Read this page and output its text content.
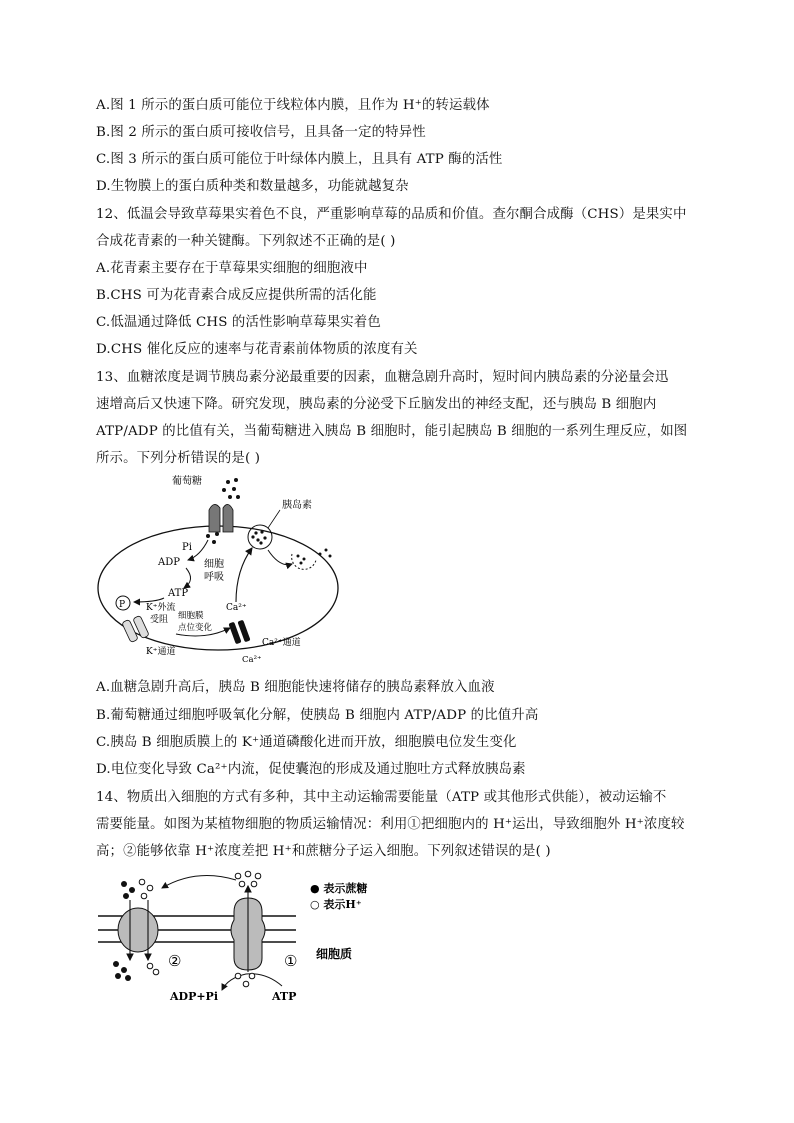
A.图 1 所示的蛋白质可能位于线粒体内膜，且作为 H⁺的转运载体
B.图 2 所示的蛋白质可接收信号，且具备一定的特异性
C.图 3 所示的蛋白质可能位于叶绿体内膜上，且具有 ATP 酶的活性
D.生物膜上的蛋白质种类和数量越多，功能就越复杂
12、低温会导致草莓果实着色不良，严重影响草莓的品质和价值。查尔酮合成酶（CHS）是果实中
合成花青素的一种关键酶。下列叙述不正确的是( )
A.花青素主要存在于草莓果实细胞的细胞液中
B.CHS 可为花青素合成反应提供所需的活化能
C.低温通过降低 CHS 的活性影响草莓果实着色
D.CHS 催化反应的速率与花青素前体物质的浓度有关
13、血糖浓度是调节胰岛素分泌最重要的因素，血糖急剧升高时，短时间内胰岛素的分泌量会迅
速增高后又快速下降。研究发现，胰岛素的分泌受下丘脑发出的神经支配，还与胰岛 B 细胞内
ATP/ADP 的比值有关，当葡萄糖进入胰岛 B 细胞时，能引起胰岛 B 细胞的一系列生理反应，如图
所示。下列分析错误的是( )
葡萄糖
Pi
ADP
ATP
细胞
呼吸
P K⁺外流
受阻
K⁺通道
细胞膜
点位变化
Ca²⁺
Ca²⁺通道
Ca²⁺
胰岛素
A.血糖急剧升高后，胰岛 B 细胞能快速将储存的胰岛素释放入血液
B.葡萄糖通过细胞呼吸氧化分解，使胰岛 B 细胞内 ATP/ADP 的比值升高
C.胰岛 B 细胞质膜上的 K⁺通道磷酸化进而开放，细胞膜电位发生变化
D.电位变化导致 Ca²⁺内流，促使囊泡的形成及通过胞吐方式释放胰岛素
14、物质出入细胞的方式有多种，其中主动运输需要能量（ATP 或其他形式供能），被动运输不
需要能量。如图为某植物细胞的物质运输情况：利用①把细胞内的 H⁺运出，导致细胞外 H⁺浓度较
高；②能够依靠 H⁺浓度差把 H⁺和蔗糖分子运入细胞。下列叙述错误的是( )
②	①
ADP+Pi	ATP
● 表示蔗糖
○ 表示H⁺
细胞质
